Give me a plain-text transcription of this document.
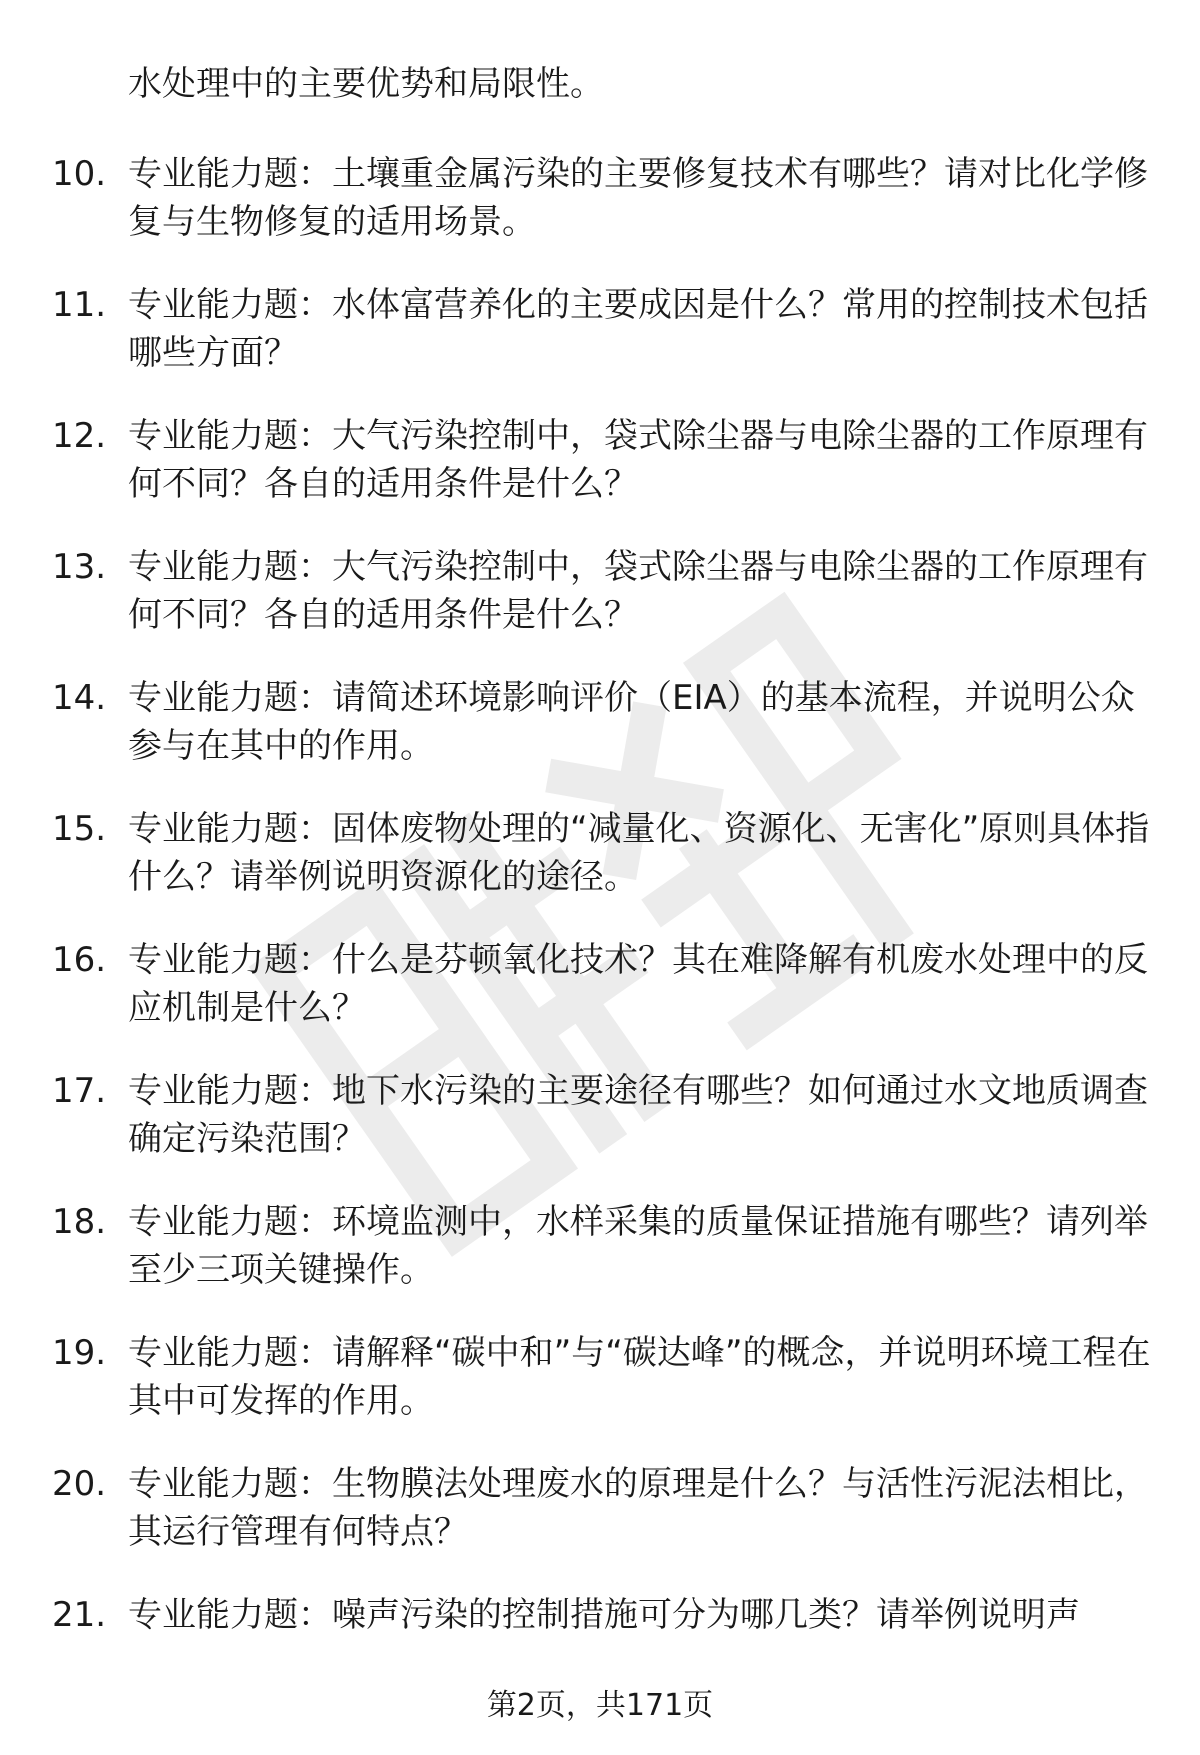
水处理中的主要优势和局限性。
10. 专业能力题：土壤重金属污染的主要修复技术有哪些？请对比化学修复与生物修复的适用场景。
11. 专业能力题：水体富营养化的主要成因是什么？常用的控制技术包括哪些方面？
12. 专业能力题：大气污染控制中，袋式除尘器与电除尘器的工作原理有何不同？各自的适用条件是什么？
13. 专业能力题：大气污染控制中，袋式除尘器与电除尘器的工作原理有何不同？各自的适用条件是什么？
14. 专业能力题：请简述环境影响评价（EIA）的基本流程，并说明公众参与在其中的作用。
15. 专业能力题：固体废物处理的“减量化、资源化、无害化”原则具体指什么？请举例说明资源化的途径。
16. 专业能力题：什么是芬顿氧化技术？其在难降解有机废水处理中的反应机制是什么？
17. 专业能力题：地下水污染的主要途径有哪些？如何通过水文地质调查确定污染范围？
18. 专业能力题：环境监测中，水样采集的质量保证措施有哪些？请列举至少三项关键操作。
19. 专业能力题：请解释“碳中和”与“碳达峰”的概念，并说明环境工程在其中可发挥的作用。
20. 专业能力题：生物膜法处理废水的原理是什么？与活性污泥法相比，其运行管理有何特点？
21. 专业能力题：噪声污染的控制措施可分为哪几类？请举例说明声
第2页，共171页
